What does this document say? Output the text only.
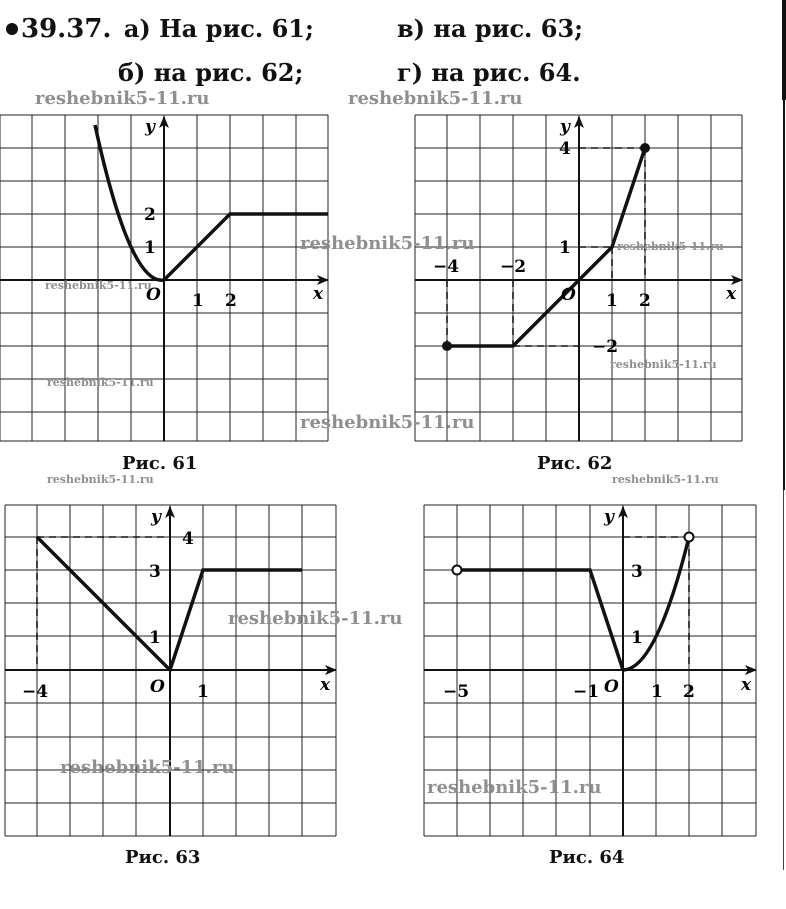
39.37. а) На рис. 61;
б) на рис. 62;
в) на рис. 63;
г) на рис. 64.
x
y
O 1 2
1
2
x
y
O
−4 −2
1 2
4
1
−2
x
y
O
−4	1
4
3
1
x
y
O
−5	−1	1 2
3
1
reshebnik5-11.ru	reshebnik5-11.ru
reshebnik5-11.ru
reshebnik5-11.ru
reshebnik5-11.ru
reshebnik5-11.ru
reshebnik5-11.ru
reshebnik5-11.ru
reshebnik5-11.ru	reshebnik5-11.ru
reshebnik5-11.ru
reshebnik5-11.ru
reshebnik5-11.ru
Рис. 61	Рис. 62
Рис. 63	Рис. 64
